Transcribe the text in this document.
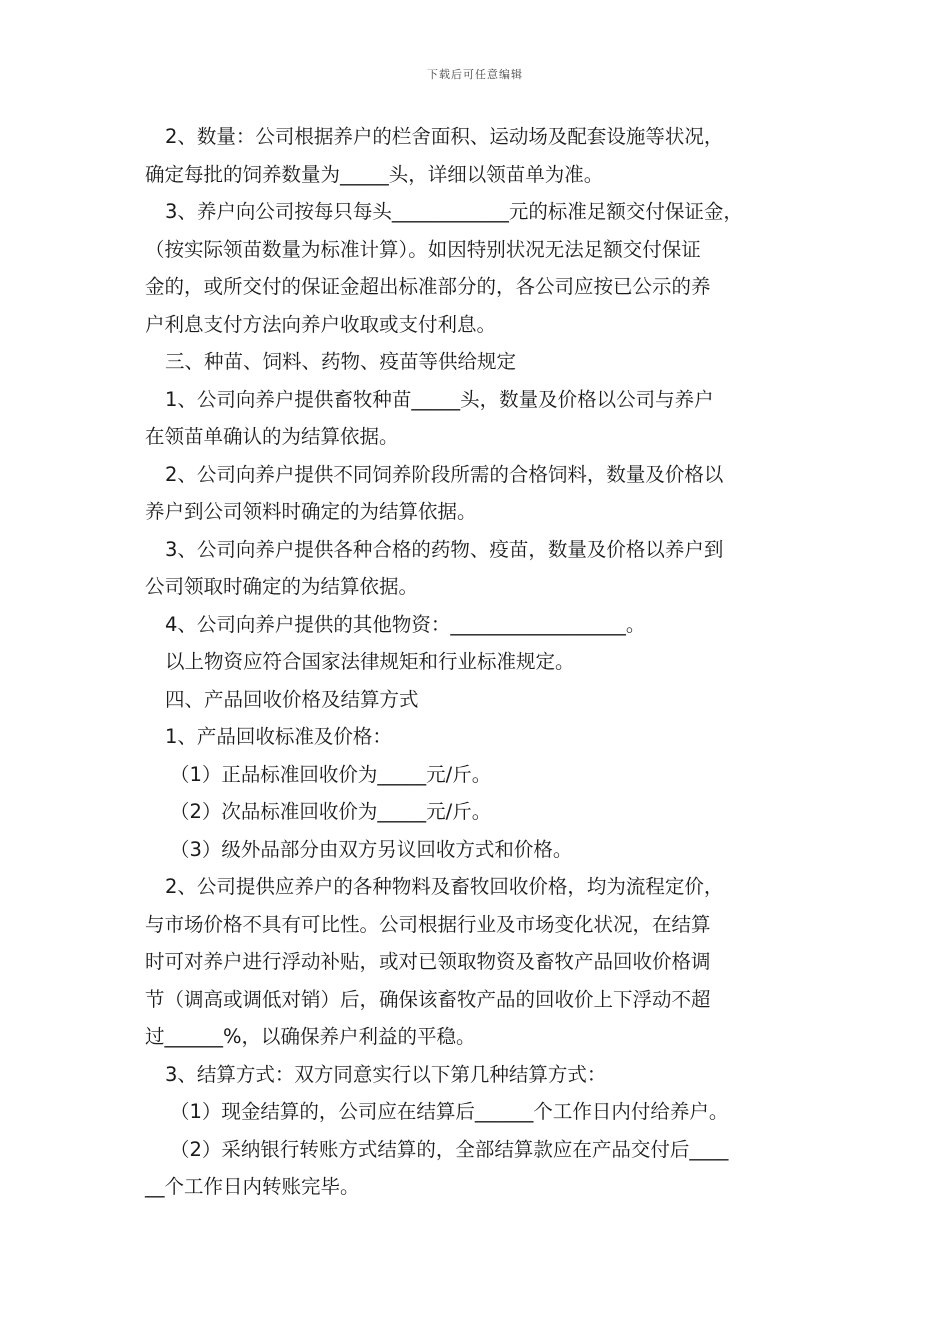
下载后可任意编辑
2、数量：公司根据养户的栏舍面积、运动场及配套设施等状况，
确定每批的饲养数量为_____头，详细以领苗单为准。
3、养户向公司按每只每头____________元的标准足额交付保证金，
（按实际领苗数量为标准计算）。如因特别状况无法足额交付保证
金的，或所交付的保证金超出标准部分的，各公司应按已公示的养
户利息支付方法向养户收取或支付利息。
三、种苗、饲料、药物、疫苗等供给规定
1、公司向养户提供畜牧种苗_____头，数量及价格以公司与养户
在领苗单确认的为结算依据。
2、公司向养户提供不同饲养阶段所需的合格饲料，数量及价格以
养户到公司领料时确定的为结算依据。
3、公司向养户提供各种合格的药物、疫苗，数量及价格以养户到
公司领取时确定的为结算依据。
4、公司向养户提供的其他物资：__________________。
以上物资应符合国家法律规矩和行业标准规定。
四、产品回收价格及结算方式
1、产品回收标准及价格：
（1）正品标准回收价为_____元/斤。
（2）次品标准回收价为_____元/斤。
（3）级外品部分由双方另议回收方式和价格。
2、公司提供应养户的各种物料及畜牧回收价格，均为流程定价，
与市场价格不具有可比性。公司根据行业及市场变化状况，在结算
时可对养户进行浮动补贴，或对已领取物资及畜牧产品回收价格调
节（调高或调低对销）后，确保该畜牧产品的回收价上下浮动不超
过______%，以确保养户利益的平稳。
3、结算方式：双方同意实行以下第几种结算方式：
（1）现金结算的，公司应在结算后______个工作日内付给养户。
（2）采纳银行转账方式结算的，全部结算款应在产品交付后____
__个工作日内转账完毕。
